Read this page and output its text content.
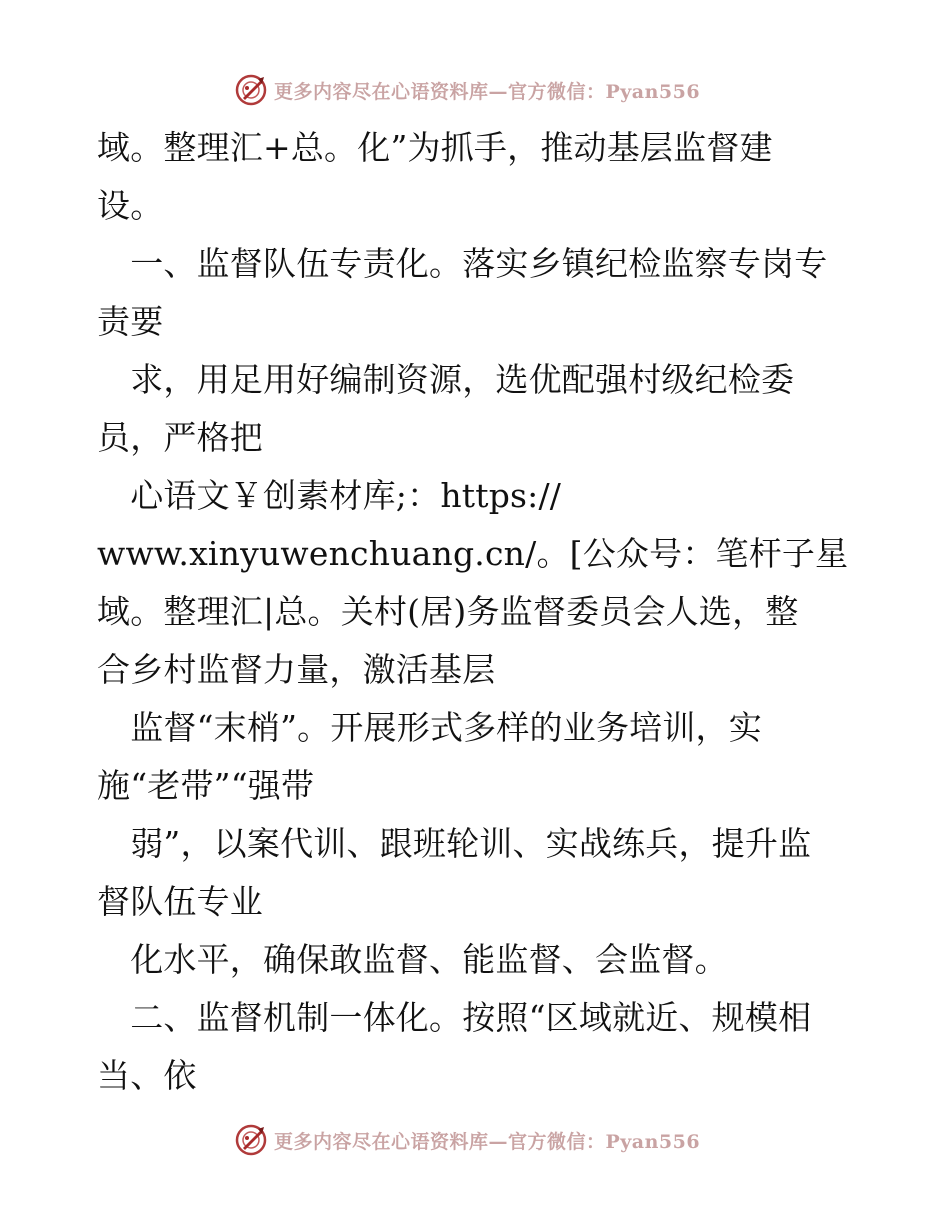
更多内容尽在心语资料库—官方微信：Pyan556
域。整理汇+总。化”为抓手，推动基层监督建
设。
　一、监督队伍专责化。落实乡镇纪检监察专岗专
责要
　求，用足用好编制资源，选优配强村级纪检委
员，严格把
　心语文￥创素材库;：https://
www.xinyuwenchuang.cn/。[公众号：笔杆子星
域。整理汇|总。关村(居)务监督委员会人选，整
合乡村监督力量，激活基层
　监督“末梢”。开展形式多样的业务培训，实
施“老带”“强带
　弱”，以案代训、跟班轮训、实战练兵，提升监
督队伍专业
　化水平，确保敢监督、能监督、会监督。
　二、监督机制一体化。按照“区域就近、规模相
当、依
更多内容尽在心语资料库—官方微信：Pyan556
